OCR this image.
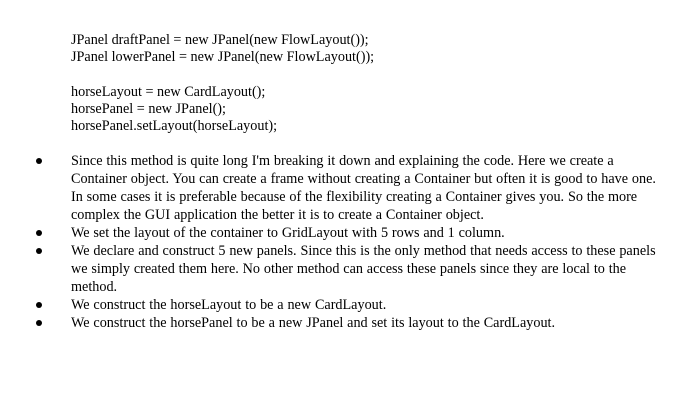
JPanel draftPanel = new JPanel(new FlowLayout());
JPanel lowerPanel = new JPanel(new FlowLayout());
horseLayout = new CardLayout();
horsePanel = new JPanel();
horsePanel.setLayout(horseLayout);
Since this method is quite long I'm breaking it down and explaining the code. Here we create a Container object. You can create a frame without creating a Container but often it is good to have one. In some cases it is preferable because of the flexibility creating a Container gives you. So the more complex the GUI application the better it is to create a Container object.
We set the layout of the container to GridLayout with 5 rows and 1 column.
We declare and construct 5 new panels. Since this is the only method that needs access to these panels we simply created them here. No other method can access these panels since they are local to the method.
We construct the horseLayout to be a new CardLayout.
We construct the horsePanel to be a new JPanel and set its layout to the CardLayout.
